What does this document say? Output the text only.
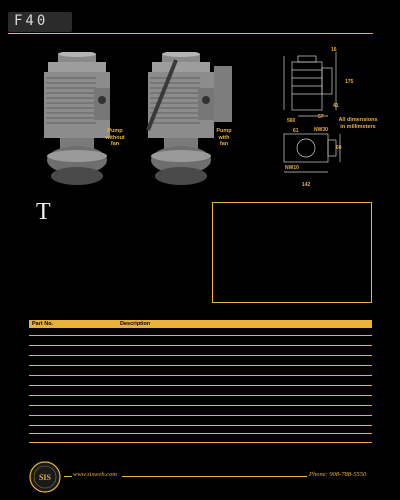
F40
Pump
without
fan
Pump
with
fan
16
175
41
560
61
57
NW30
60
NW10
142
All dimensions
in millimeters
T
Part No.	Description
SIS	www.sisweb.com	Phone: 908-788-5550
